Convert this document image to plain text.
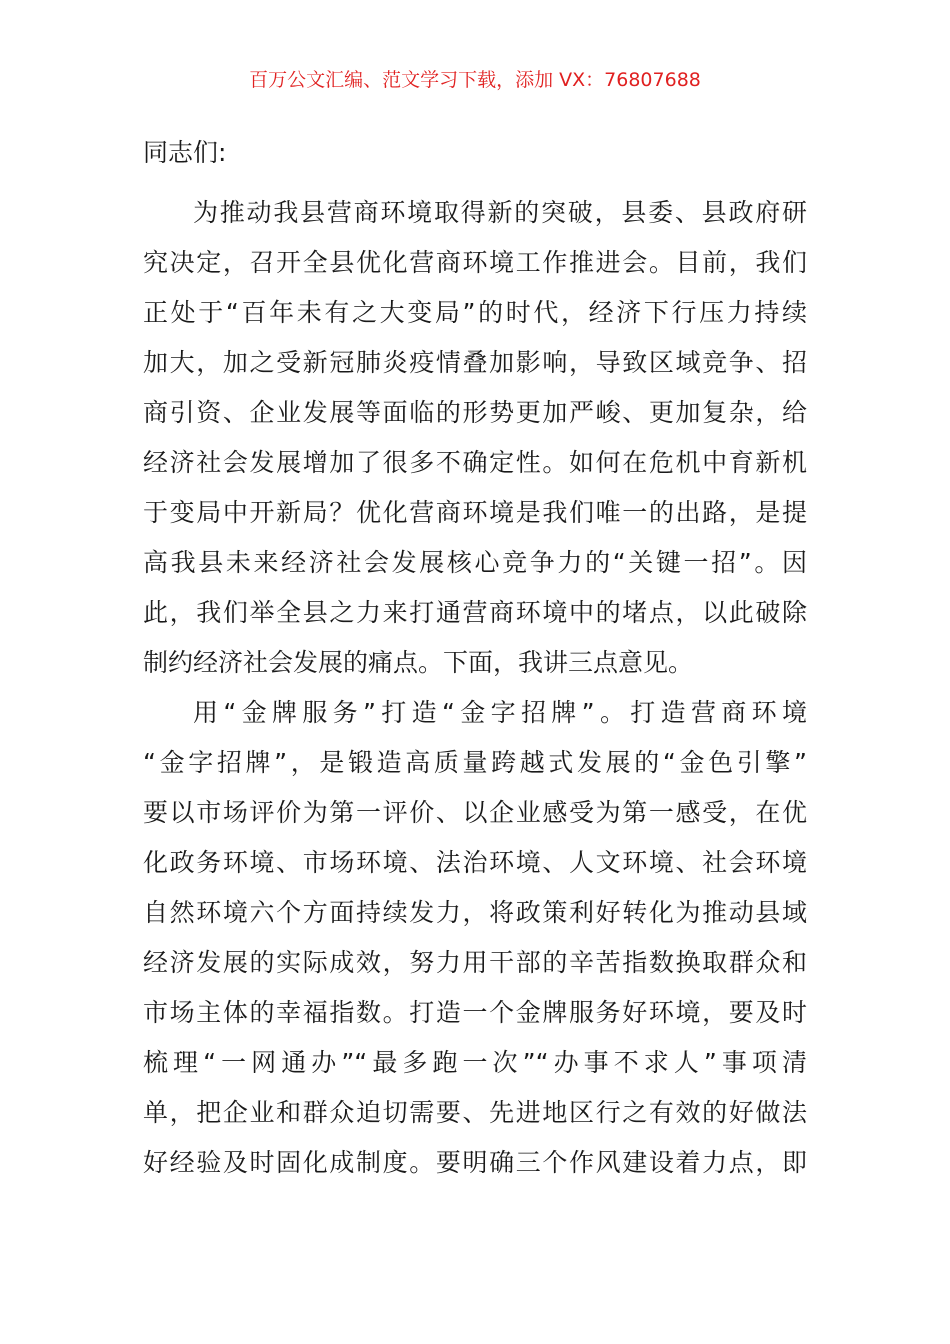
百万公文汇编、范文学习下载，添加 VX：76807688
同志们:
为推动我县营商环境取得新的突破，县委、县政府研
究决定，召开全县优化营商环境工作推进会。目前，我们
正处于“百年未有之大变局”的时代，经济下行压力持续
加大，加之受新冠肺炎疫情叠加影响，导致区域竞争、招
商引资、企业发展等面临的形势更加严峻、更加复杂，给
经济社会发展增加了很多不确定性。如何在危机中育新机
于变局中开新局？优化营商环境是我们唯一的出路，是提
高我县未来经济社会发展核心竞争力的“关键一招”。因
此，我们举全县之力来打通营商环境中的堵点，以此破除
制约经济社会发展的痛点。下面，我讲三点意见。
用“金牌服务”打造“金字招牌”。打造营商环境
“金字招牌”，是锻造高质量跨越式发展的“金色引擎”
要以市场评价为第一评价、以企业感受为第一感受，在优
化政务环境、市场环境、法治环境、人文环境、社会环境
自然环境六个方面持续发力，将政策利好转化为推动县域
经济发展的实际成效，努力用干部的辛苦指数换取群众和
市场主体的幸福指数。打造一个金牌服务好环境，要及时
梳理“一网通办”“最多跑一次”“办事不求人”事项清
单，把企业和群众迫切需要、先进地区行之有效的好做法
好经验及时固化成制度。要明确三个作风建设着力点，即
